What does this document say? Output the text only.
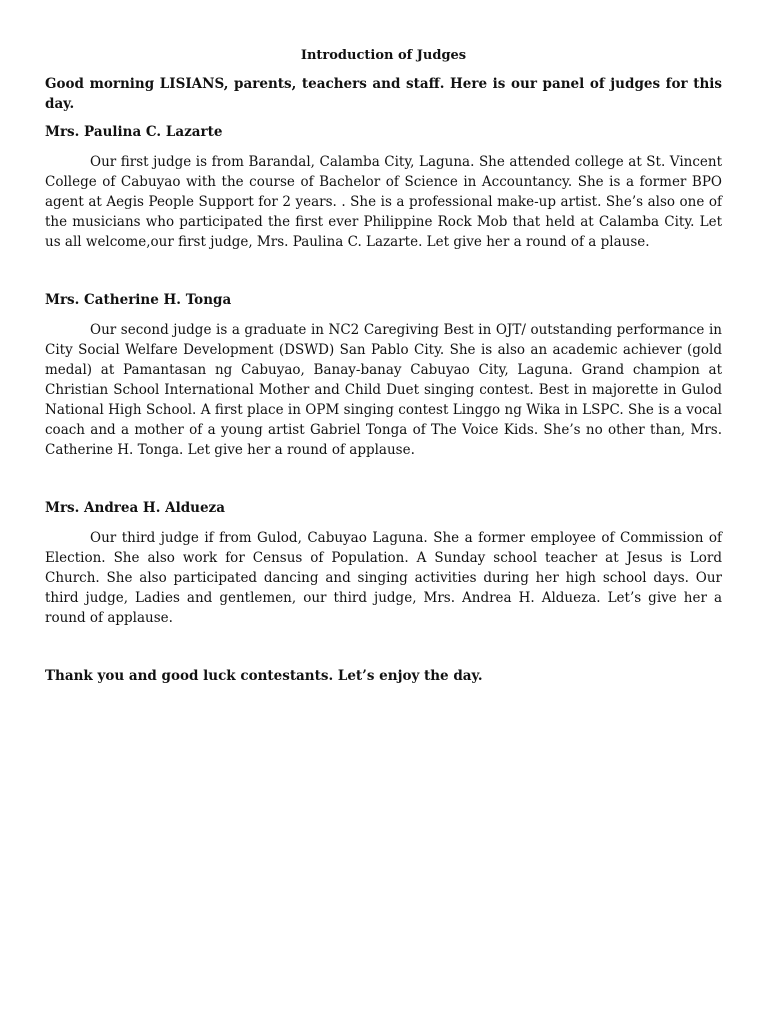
Introduction of Judges

Good morning LISIANS, parents, teachers and staff. Here is our panel of judges for this day.

Mrs. Paulina C. Lazarte

Our first judge is from Barandal, Calamba City, Laguna. She attended college at St. Vincent College of Cabuyao with the course of Bachelor of Science in Accountancy. She is a former BPO agent at Aegis People Support for 2 years. . She is a professional make-up artist. She’s also one of the musicians who participated the first ever Philippine Rock Mob that held at Calamba City. Let us all welcome,our first judge, Mrs. Paulina C. Lazarte. Let give her a round of a plause.

Mrs. Catherine H. Tonga

Our second judge is a graduate in NC2 Caregiving Best in OJT/ outstanding performance in City Social Welfare Development (DSWD) San Pablo City. She is also an academic achiever (gold medal) at Pamantasan ng Cabuyao, Banay-banay Cabuyao City, Laguna. Grand champion at Christian School International Mother and Child Duet singing contest. Best in majorette in Gulod National High School. A first place in OPM singing contest Linggo ng Wika in LSPC. She is a vocal coach and a mother of a young artist Gabriel Tonga of The Voice Kids. She’s no other than, Mrs. Catherine H. Tonga. Let give her a round of applause.

Mrs. Andrea H. Aldueza

Our third judge if from Gulod, Cabuyao Laguna. She a former employee of Commission of Election. She also work for Census of Population. A Sunday school teacher at Jesus is Lord Church. She also participated dancing and singing activities during her high school days. Our third judge, Ladies and gentlemen, our third judge, Mrs. Andrea H. Aldueza. Let’s give her a round of applause.

Thank you and good luck contestants. Let’s enjoy the day.
